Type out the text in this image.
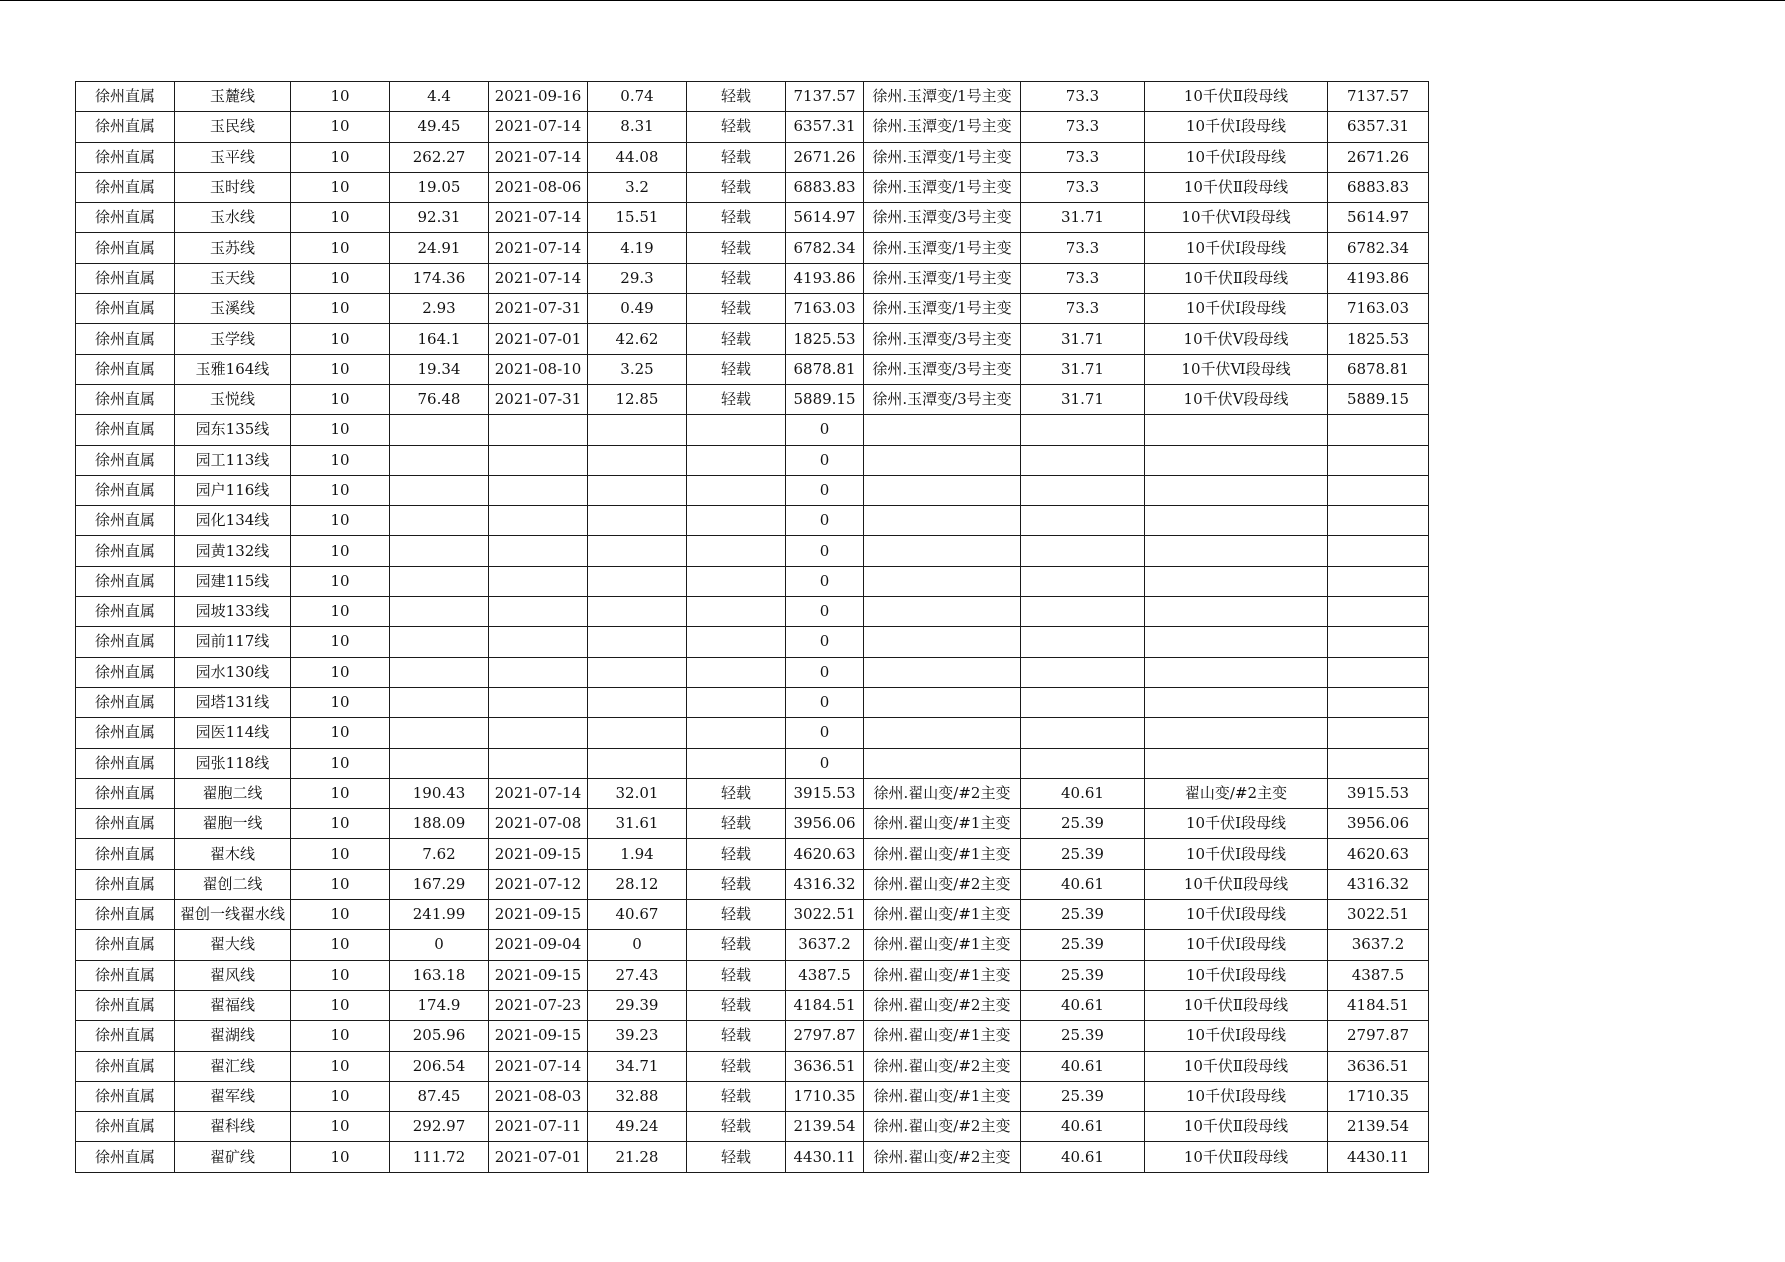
徐州直属	玉麓线	10	4.4	2021-09-16	0.74	轻载	7137.57	徐州.玉潭变/1号主变	73.3	10千伏Ⅱ段母线	7137.57
徐州直属	玉民线	10	49.45	2021-07-14	8.31	轻载	6357.31	徐州.玉潭变/1号主变	73.3	10千伏Ⅰ段母线	6357.31
徐州直属	玉平线	10	262.27	2021-07-14	44.08	轻载	2671.26	徐州.玉潭变/1号主变	73.3	10千伏Ⅰ段母线	2671.26
徐州直属	玉时线	10	19.05	2021-08-06	3.2	轻载	6883.83	徐州.玉潭变/1号主变	73.3	10千伏Ⅱ段母线	6883.83
徐州直属	玉水线	10	92.31	2021-07-14	15.51	轻载	5614.97	徐州.玉潭变/3号主变	31.71	10千伏Ⅵ段母线	5614.97
徐州直属	玉苏线	10	24.91	2021-07-14	4.19	轻载	6782.34	徐州.玉潭变/1号主变	73.3	10千伏Ⅰ段母线	6782.34
徐州直属	玉天线	10	174.36	2021-07-14	29.3	轻载	4193.86	徐州.玉潭变/1号主变	73.3	10千伏Ⅱ段母线	4193.86
徐州直属	玉溪线	10	2.93	2021-07-31	0.49	轻载	7163.03	徐州.玉潭变/1号主变	73.3	10千伏Ⅰ段母线	7163.03
徐州直属	玉学线	10	164.1	2021-07-01	42.62	轻载	1825.53	徐州.玉潭变/3号主变	31.71	10千伏Ⅴ段母线	1825.53
徐州直属	玉雅164线	10	19.34	2021-08-10	3.25	轻载	6878.81	徐州.玉潭变/3号主变	31.71	10千伏Ⅵ段母线	6878.81
徐州直属	玉悦线	10	76.48	2021-07-31	12.85	轻载	5889.15	徐州.玉潭变/3号主变	31.71	10千伏Ⅴ段母线	5889.15
徐州直属	园东135线	10					0				
徐州直属	园工113线	10					0				
徐州直属	园户116线	10					0				
徐州直属	园化134线	10					0				
徐州直属	园黄132线	10					0				
徐州直属	园建115线	10					0				
徐州直属	园坡133线	10					0				
徐州直属	园前117线	10					0				
徐州直属	园水130线	10					0				
徐州直属	园塔131线	10					0				
徐州直属	园医114线	10					0				
徐州直属	园张118线	10					0				
徐州直属	翟胞二线	10	190.43	2021-07-14	32.01	轻载	3915.53	徐州.翟山变/#2主变	40.61	翟山变/#2主变	3915.53
徐州直属	翟胞一线	10	188.09	2021-07-08	31.61	轻载	3956.06	徐州.翟山变/#1主变	25.39	10千伏Ⅰ段母线	3956.06
徐州直属	翟木线	10	7.62	2021-09-15	1.94	轻载	4620.63	徐州.翟山变/#1主变	25.39	10千伏Ⅰ段母线	4620.63
徐州直属	翟创二线	10	167.29	2021-07-12	28.12	轻载	4316.32	徐州.翟山变/#2主变	40.61	10千伏Ⅱ段母线	4316.32
徐州直属	翟创一线翟水线	10	241.99	2021-09-15	40.67	轻载	3022.51	徐州.翟山变/#1主变	25.39	10千伏Ⅰ段母线	3022.51
徐州直属	翟大线	10	0	2021-09-04	0	轻载	3637.2	徐州.翟山变/#1主变	25.39	10千伏Ⅰ段母线	3637.2
徐州直属	翟风线	10	163.18	2021-09-15	27.43	轻载	4387.5	徐州.翟山变/#1主变	25.39	10千伏Ⅰ段母线	4387.5
徐州直属	翟福线	10	174.9	2021-07-23	29.39	轻载	4184.51	徐州.翟山变/#2主变	40.61	10千伏Ⅱ段母线	4184.51
徐州直属	翟湖线	10	205.96	2021-09-15	39.23	轻载	2797.87	徐州.翟山变/#1主变	25.39	10千伏Ⅰ段母线	2797.87
徐州直属	翟汇线	10	206.54	2021-07-14	34.71	轻载	3636.51	徐州.翟山变/#2主变	40.61	10千伏Ⅱ段母线	3636.51
徐州直属	翟军线	10	87.45	2021-08-03	32.88	轻载	1710.35	徐州.翟山变/#1主变	25.39	10千伏Ⅰ段母线	1710.35
徐州直属	翟科线	10	292.97	2021-07-11	49.24	轻载	2139.54	徐州.翟山变/#2主变	40.61	10千伏Ⅱ段母线	2139.54
徐州直属	翟矿线	10	111.72	2021-07-01	21.28	轻载	4430.11	徐州.翟山变/#2主变	40.61	10千伏Ⅱ段母线	4430.11
